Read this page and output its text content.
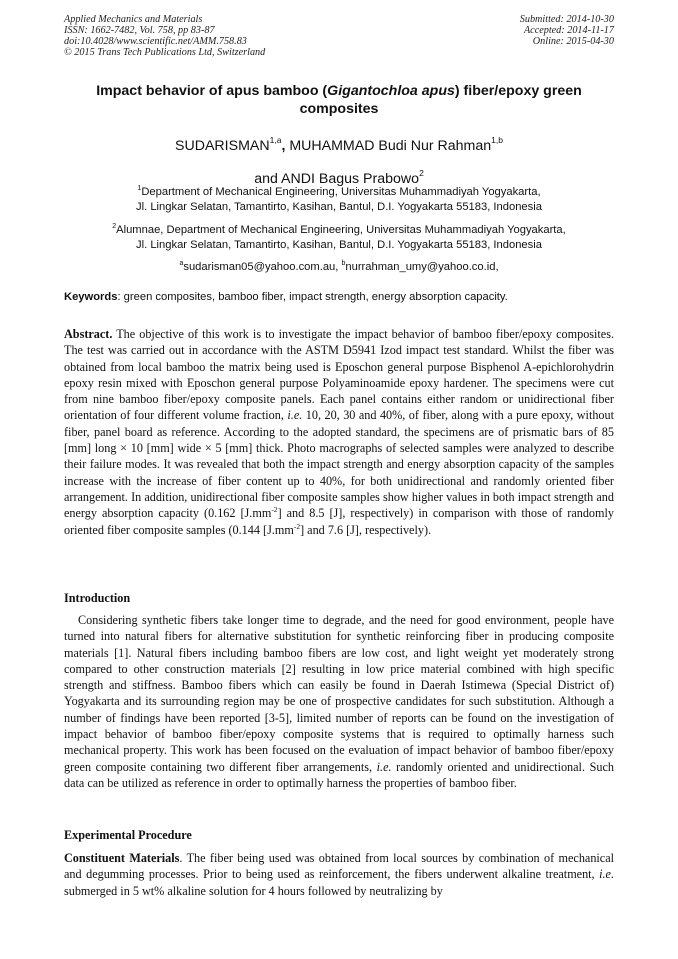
Applied Mechanics and Materials
ISSN: 1662-7482, Vol. 758, pp 83-87
doi:10.4028/www.scientific.net/AMM.758.83
© 2015 Trans Tech Publications Ltd, Switzerland
Submitted: 2014-10-30
Accepted: 2014-11-17
Online: 2015-04-30
Impact behavior of apus bamboo (Gigantochloa apus) fiber/epoxy green composites
SUDARISMAN$^{1,a}$, MUHAMMAD Budi Nur Rahman$^{1,b}$
and ANDI Bagus Prabowo$^2$
$^1$Department of Mechanical Engineering, Universitas Muhammadiyah Yogyakarta,
Jl. Lingkar Selatan, Tamantirto, Kasihan, Bantul, D.I. Yogyakarta 55183, Indonesia
$^2$Alumnae, Department of Mechanical Engineering, Universitas Muhammadiyah Yogyakarta,
Jl. Lingkar Selatan, Tamantirto, Kasihan, Bantul, D.I. Yogyakarta 55183, Indonesia
$^a$sudarisman05@yahoo.com.au, $^b$nurrahman_umy@yahoo.co.id,
Keywords: green composites, bamboo fiber, impact strength, energy absorption capacity.
Abstract. The objective of this work is to investigate the impact behavior of bamboo fiber/epoxy composites. The test was carried out in accordance with the ASTM D5941 Izod impact test standard. Whilst the fiber was obtained from local bamboo the matrix being used is Eposchon general purpose Bisphenol A-epichlorohydrin epoxy resin mixed with Eposchon general purpose Polyaminoamide epoxy hardener. The specimens were cut from nine bamboo fiber/epoxy composite panels. Each panel contains either random or unidirectional fiber orientation of four different volume fraction, i.e. 10, 20, 30 and 40%, of fiber, along with a pure epoxy, without fiber, panel board as reference. According to the adopted standard, the specimens are of prismatic bars of 85 [mm] long × 10 [mm] wide × 5 [mm] thick. Photo macrographs of selected samples were analyzed to describe their failure modes. It was revealed that both the impact strength and energy absorption capacity of the samples increase with the increase of fiber content up to 40%, for both unidirectional and randomly oriented fiber arrangement. In addition, unidirectional fiber composite samples show higher values in both impact strength and energy absorption capacity (0.162 $[J.mm^{-2}]$ and 8.5 [J], respectively) in comparison with those of randomly oriented fiber composite samples (0.144 $[J.mm^{-2}]$ and 7.6 [J], respectively).
Introduction
Considering synthetic fibers take longer time to degrade, and the need for good environment, people have turned into natural fibers for alternative substitution for synthetic reinforcing fiber in producing composite materials [1]. Natural fibers including bamboo fibers are low cost, and light weight yet moderately strong compared to other construction materials [2] resulting in low price material combined with high specific strength and stiffness. Bamboo fibers which can easily be found in Daerah Istimewa (Special District of) Yogyakarta and its surrounding region may be one of prospective candidates for such substitution. Although a number of findings have been reported [3-5], limited number of reports can be found on the investigation of impact behavior of bamboo fiber/epoxy composite systems that is required to optimally harness such mechanical property. This work has been focused on the evaluation of impact behavior of bamboo fiber/epoxy green composite containing two different fiber arrangements, i.e. randomly oriented and unidirectional. Such data can be utilized as reference in order to optimally harness the properties of bamboo fiber.
Experimental Procedure
Constituent Materials. The fiber being used was obtained from local sources by combination of mechanical and degumming processes. Prior to being used as reinforcement, the fibers underwent alkaline treatment, i.e. submerged in 5 wt% alkaline solution for 4 hours followed by neutralizing by
